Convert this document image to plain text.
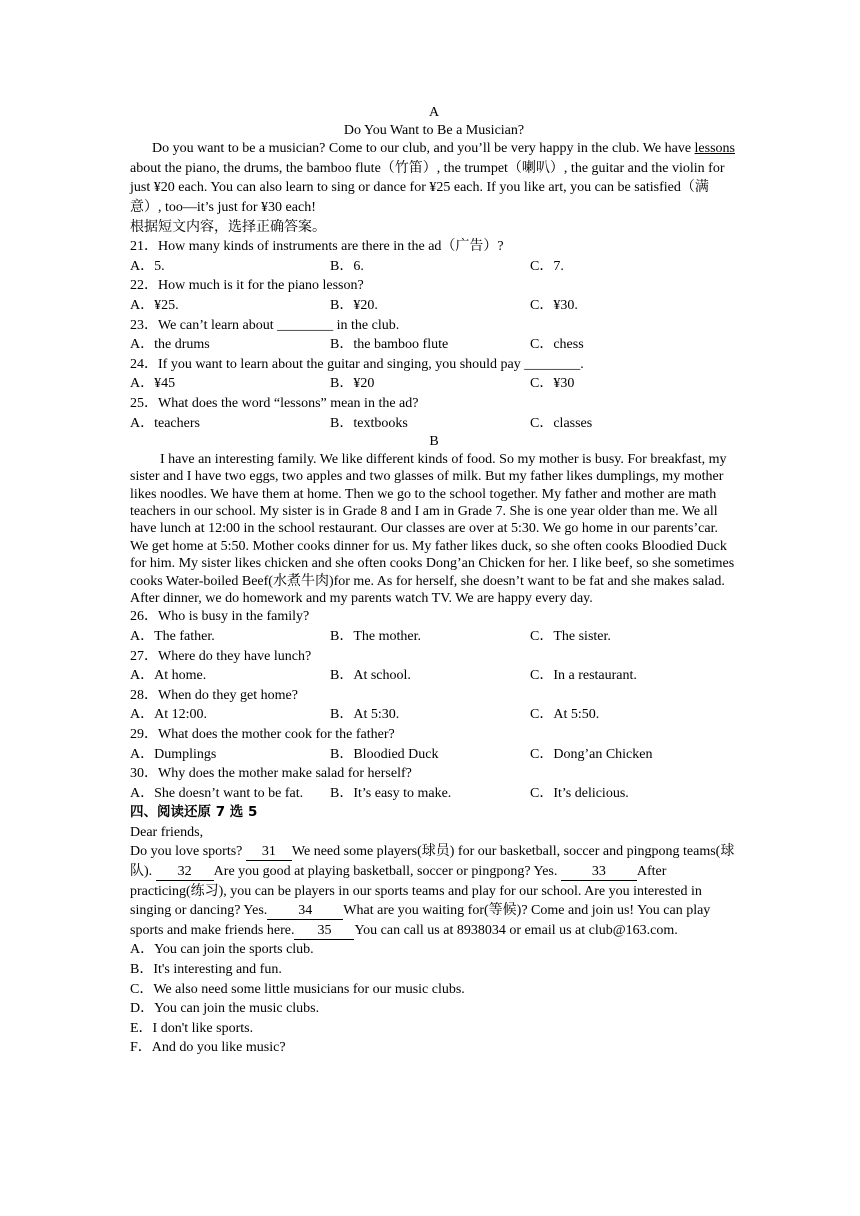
A
Do You Want to Be a Musician?
Do you want to be a musician? Come to our club, and you’ll be very happy in the club. We have lessons about the piano, the drums, the bamboo flute（竹笛）, the trumpet（喇叭）, the guitar and the violin for just ¥20 each. You can also learn to sing or dance for ¥25 each. If you like art, you can be satisfied（满意）, too—it’s just for ¥30 each!
根据短文内容，选择正确答案。
21．How many kinds of instruments are there in the ad（广告）?
A．5.	B．6.	C．7.
22．How much is it for the piano lesson?
A．¥25.	B．¥20.	C．¥30.
23．We can’t learn about ________ in the club.
A．the drums	B．the bamboo flute	C．chess
24．If you want to learn about the guitar and singing, you should pay ________.
A．¥45	B．¥20	C．¥30
25．What does the word “lessons” mean in the ad?
A．teachers	B．textbooks	C．classes
B
I have an interesting family. We like different kinds of food. So my mother is busy. For breakfast, my sister and I have two eggs, two apples and two glasses of milk. But my father likes dumplings, my mother likes noodles. We have them at home. Then we go to the school together. My father and mother are math teachers in our school. My sister is in Grade 8 and I am in Grade 7. She is one year older than me. We all have lunch at 12:00 in the school restaurant. Our classes are over at 5:30. We go home in our parents’car. We get home at 5:50. Mother cooks dinner for us. My father likes duck, so she often cooks Bloodied Duck for him. My sister likes chicken and she often cooks Dong’an Chicken for her. I like beef, so she sometimes cooks Water-boiled Beef(水煮牛肉)for me. As for herself, she doesn’t want to be fat and she makes salad. After dinner, we do homework and my parents watch TV. We are happy every day.
26．Who is busy in the family?
A．The father.	B．The mother.	C．The sister.
27．Where do they have lunch?
A．At home.	B．At school.	C．In a restaurant.
28．When do they get home?
A．At 12:00.	B．At 5:30.	C．At 5:50.
29．What does the mother cook for the father?
A．Dumplings	B．Bloodied Duck	C．Dong’an Chicken
30．Why does the mother make salad for herself?
A．She doesn’t want to be fat. B．It’s easy to make.	C．It’s delicious.
四、阅读还原 7 选 5
Dear friends,
Do you love sports? 31 We need some players(球员) for our basketball, soccer and pingpong teams(球队). 32 Are you good at playing basketball, soccer or pingpong? Yes. 33 After practicing(练习), you can be players in our sports teams and play for our school. Are you interested in singing or dancing? Yes. 34 What are you waiting for(等候)? Come and join us! You can play sports and make friends here. 35 You can call us at 8938034 or email us at club@163.com.
A．You can join the sports club.
B．It's interesting and fun.
C．We also need some little musicians for our music clubs.
D．You can join the music clubs.
E．I don't like sports.
F．And do you like music?
